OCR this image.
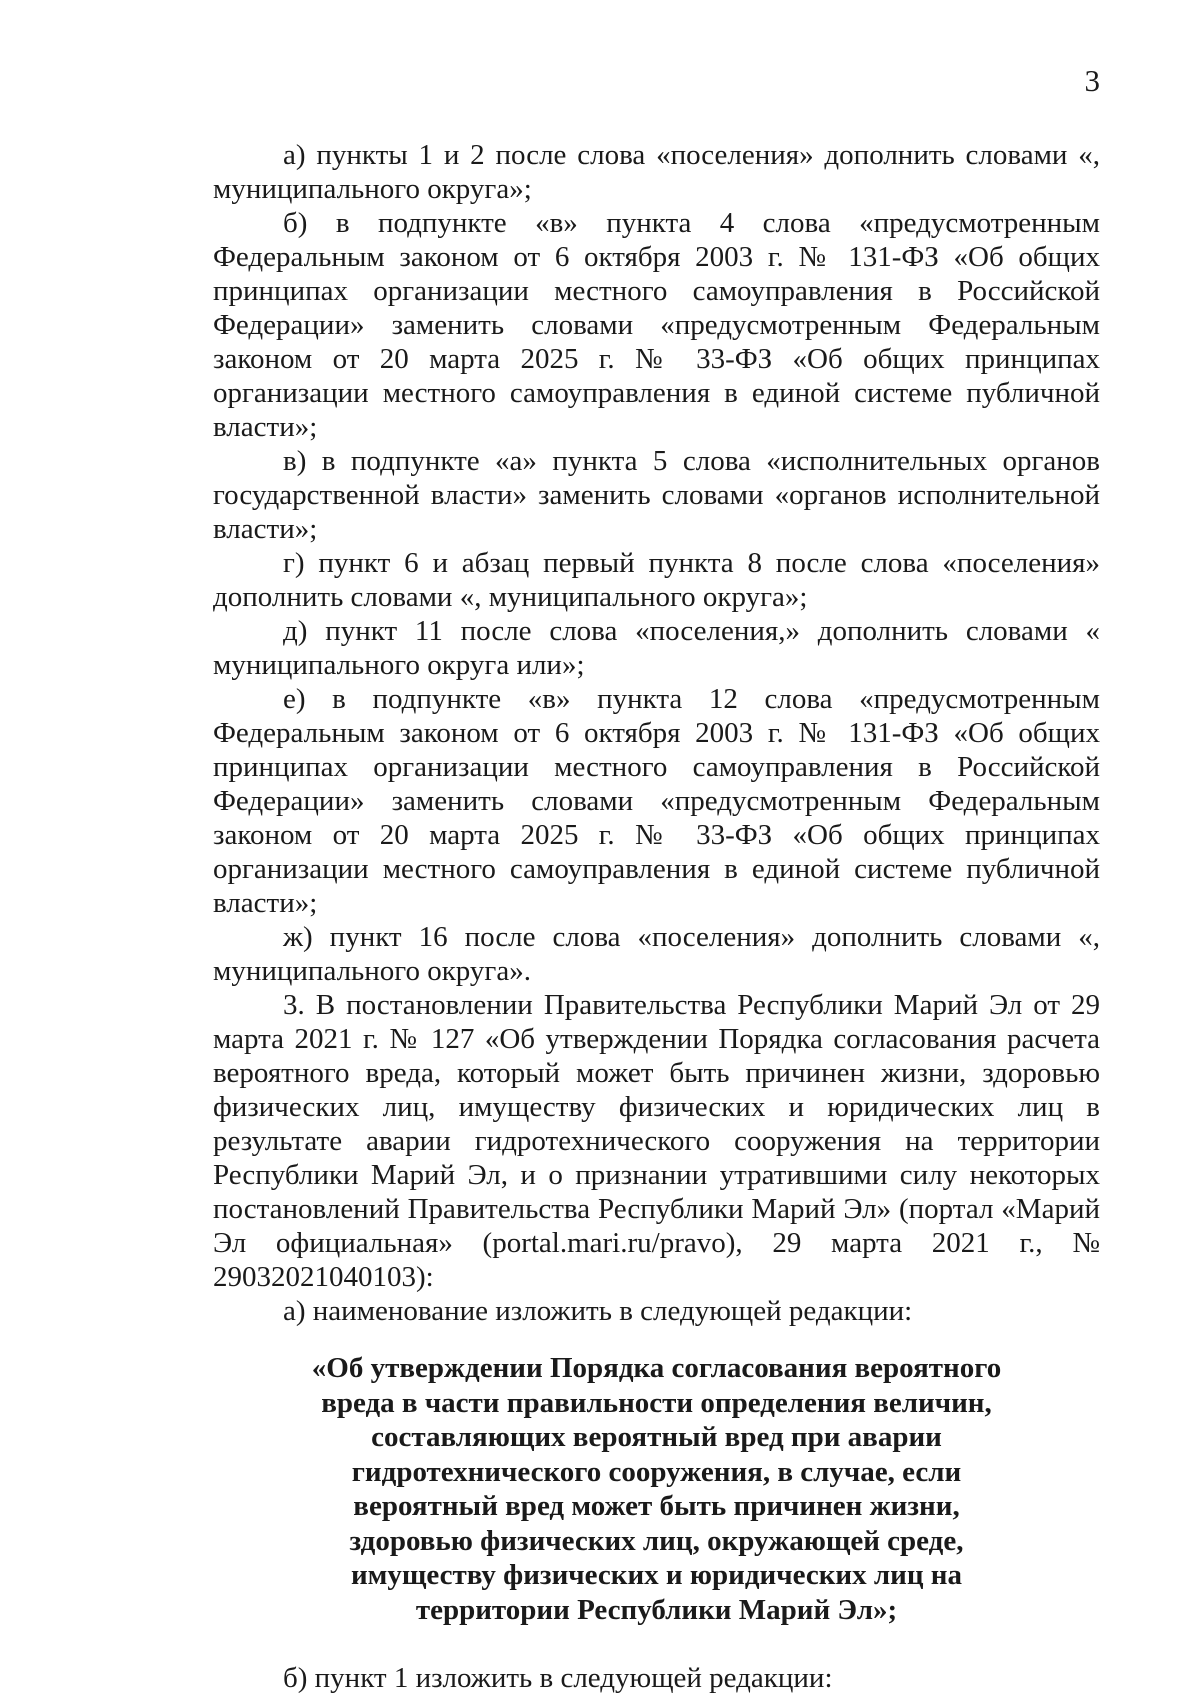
3

а) пункты 1 и 2 после слова «поселения» дополнить словами «, муниципального округа»;

б) в подпункте «в» пункта 4 слова «предусмотренным Федеральным законом от 6 октября 2003 г. № 131-ФЗ «Об общих принципах организации местного самоуправления в Российской Федерации» заменить словами «предусмотренным Федеральным законом от 20 марта 2025 г. № 33-ФЗ «Об общих принципах организации местного самоуправления в единой системе публичной власти»;

в) в подпункте «а» пункта 5 слова «исполнительных органов государственной власти» заменить словами «органов исполнительной власти»;

г) пункт 6 и абзац первый пункта 8 после слова «поселения» дополнить словами «, муниципального округа»;

д) пункт 11 после слова «поселения,» дополнить словами « муниципального округа или»;

е) в подпункте «в» пункта 12 слова «предусмотренным Федеральным законом от 6 октября 2003 г. № 131-ФЗ «Об общих принципах организации местного самоуправления в Российской Федерации» заменить словами «предусмотренным Федеральным законом от 20 марта 2025 г. № 33-ФЗ «Об общих принципах организации местного самоуправления в единой системе публичной власти»;

ж) пункт 16 после слова «поселения» дополнить словами «, муниципального округа».

3. В постановлении Правительства Республики Марий Эл от 29 марта 2021 г. № 127 «Об утверждении Порядка согласования расчета вероятного вреда, который может быть причинен жизни, здоровью физических лиц, имуществу физических и юридических лиц в результате аварии гидротехнического сооружения на территории Республики Марий Эл, и о признании утратившими силу некоторых постановлений Правительства Республики Марий Эл» (портал «Марий Эл официальная» (portal.mari.ru/pravo), 29 марта 2021 г., № 29032021040103):

а) наименование изложить в следующей редакции:

«Об утверждении Порядка согласования вероятного вреда в части правильности определения величин, составляющих вероятный вред при аварии гидротехнического сооружения, в случае, если вероятный вред может быть причинен жизни, здоровью физических лиц, окружающей среде, имуществу физических и юридических лиц на территории Республики Марий Эл»;

б) пункт 1 изложить в следующей редакции:
